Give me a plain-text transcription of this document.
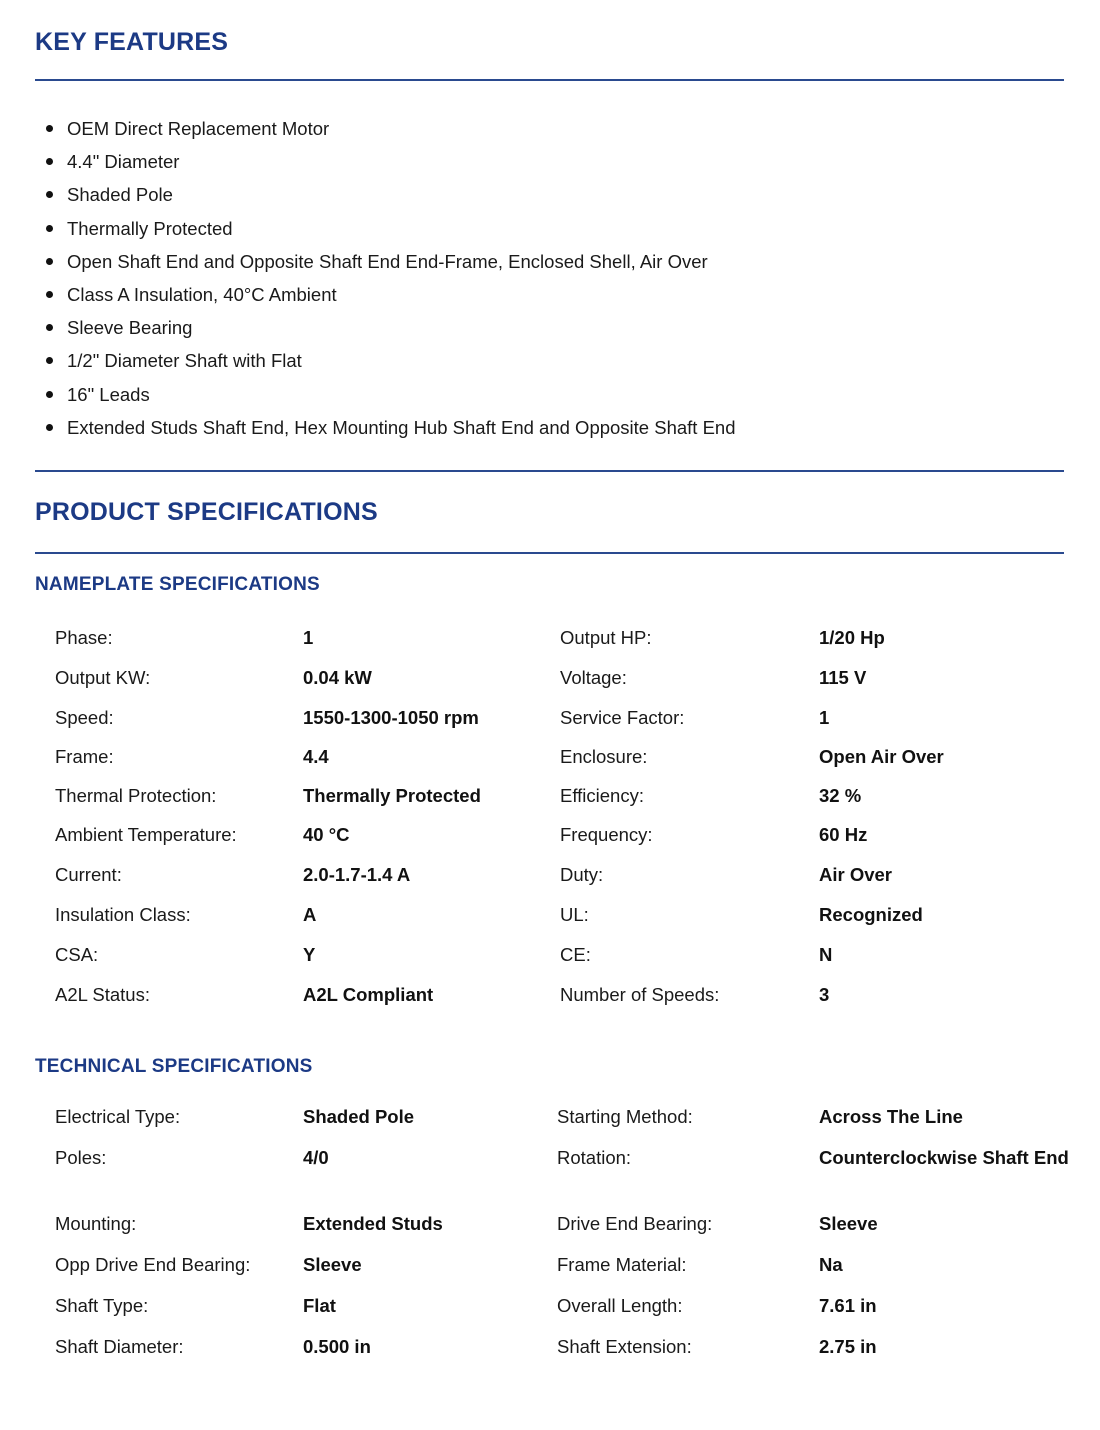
KEY FEATURES
OEM Direct Replacement Motor
4.4" Diameter
Shaded Pole
Thermally Protected
Open Shaft End and Opposite Shaft End End-Frame, Enclosed Shell, Air Over
Class A Insulation, 40°C Ambient
Sleeve Bearing
1/2" Diameter Shaft with Flat
16" Leads
Extended Studs Shaft End, Hex Mounting Hub Shaft End and Opposite Shaft End
PRODUCT SPECIFICATIONS
NAMEPLATE SPECIFICATIONS
Phase:	1	Output HP:	1/20 Hp
Output KW:	0.04 kW	Voltage:	115 V
Speed:	1550-1300-1050 rpm	Service Factor:	1
Frame:	4.4	Enclosure:	Open Air Over
Thermal Protection:	Thermally Protected	Efficiency:	32 %
Ambient Temperature:	40 °C	Frequency:	60 Hz
Current:	2.0-1.7-1.4 A	Duty:	Air Over
Insulation Class:	A	UL:	Recognized
CSA:	Y	CE:	N
A2L Status:	A2L Compliant	Number of Speeds:	3
TECHNICAL SPECIFICATIONS
Electrical Type:	Shaded Pole	Starting Method:	Across The Line
Poles:	4/0	Rotation:	Counterclockwise Shaft End
Mounting:	Extended Studs	Drive End Bearing:	Sleeve
Opp Drive End Bearing:	Sleeve	Frame Material:	Na
Shaft Type:	Flat	Overall Length:	7.61 in
Shaft Diameter:	0.500 in	Shaft Extension:	2.75 in
